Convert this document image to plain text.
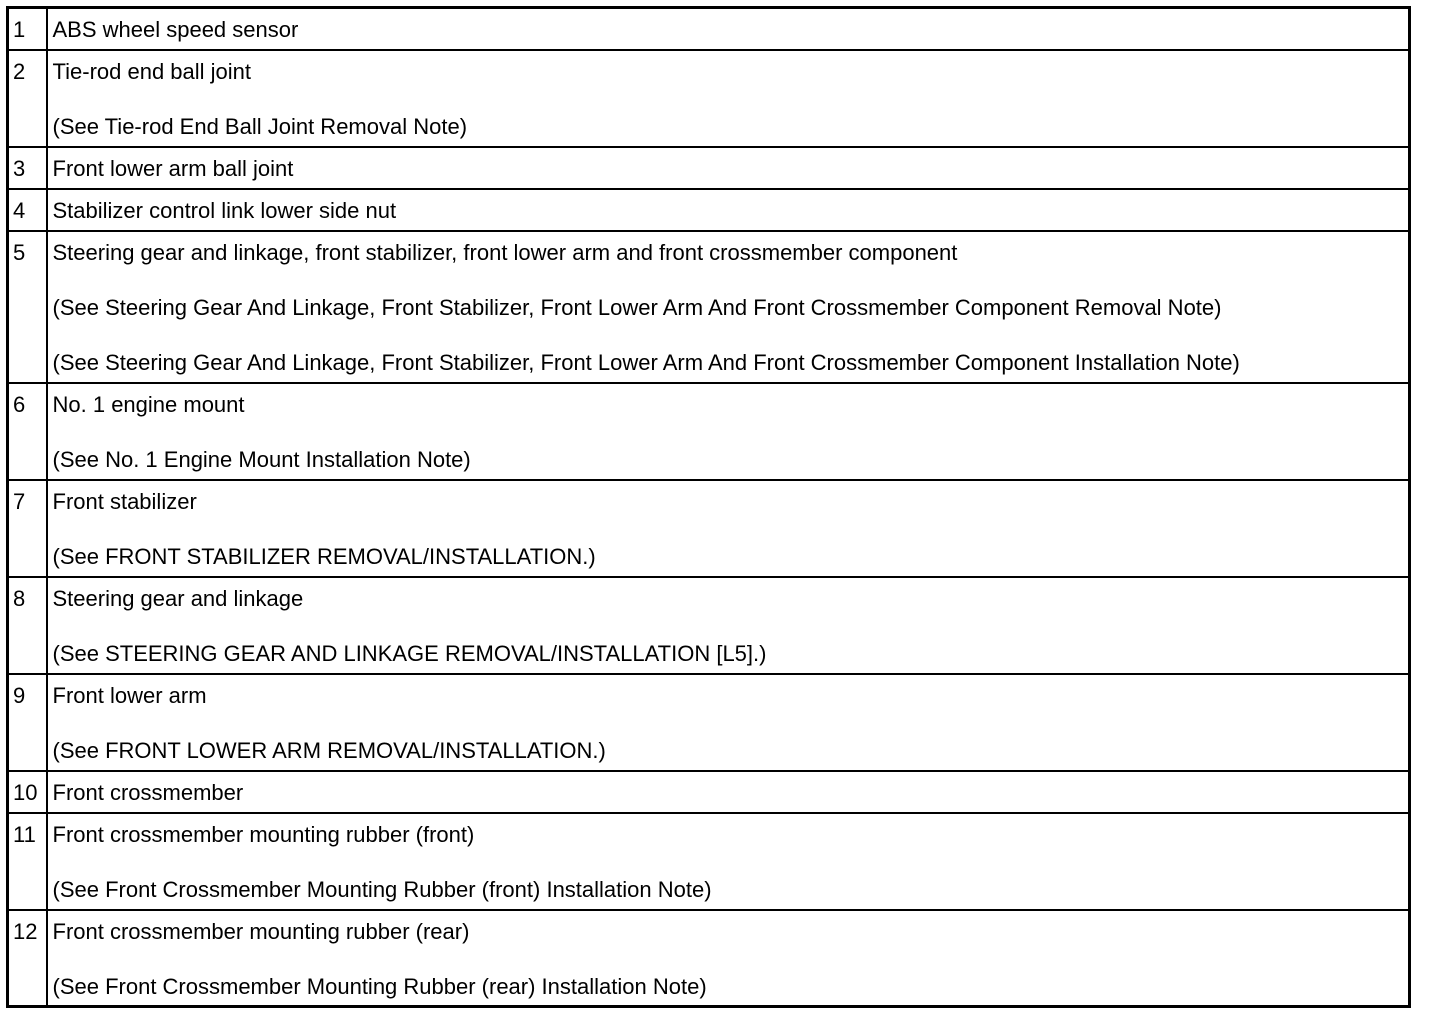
1	ABS wheel speed sensor

2	Tie-rod end ball joint
(See Tie-rod End Ball Joint Removal Note)

3	Front lower arm ball joint

4	Stabilizer control link lower side nut

5	Steering gear and linkage, front stabilizer, front lower arm and front crossmember component
(See Steering Gear And Linkage, Front Stabilizer, Front Lower Arm And Front Crossmember Component Removal Note)
(See Steering Gear And Linkage, Front Stabilizer, Front Lower Arm And Front Crossmember Component Installation Note)

6	No. 1 engine mount
(See No. 1 Engine Mount Installation Note)

7	Front stabilizer
(See FRONT STABILIZER REMOVAL/INSTALLATION.)

8	Steering gear and linkage
(See STEERING GEAR AND LINKAGE REMOVAL/INSTALLATION [L5].)

9	Front lower arm
(See FRONT LOWER ARM REMOVAL/INSTALLATION.)

10	Front crossmember

11	Front crossmember mounting rubber (front)
(See Front Crossmember Mounting Rubber (front) Installation Note)

12	Front crossmember mounting rubber (rear)
(See Front Crossmember Mounting Rubber (rear) Installation Note)
